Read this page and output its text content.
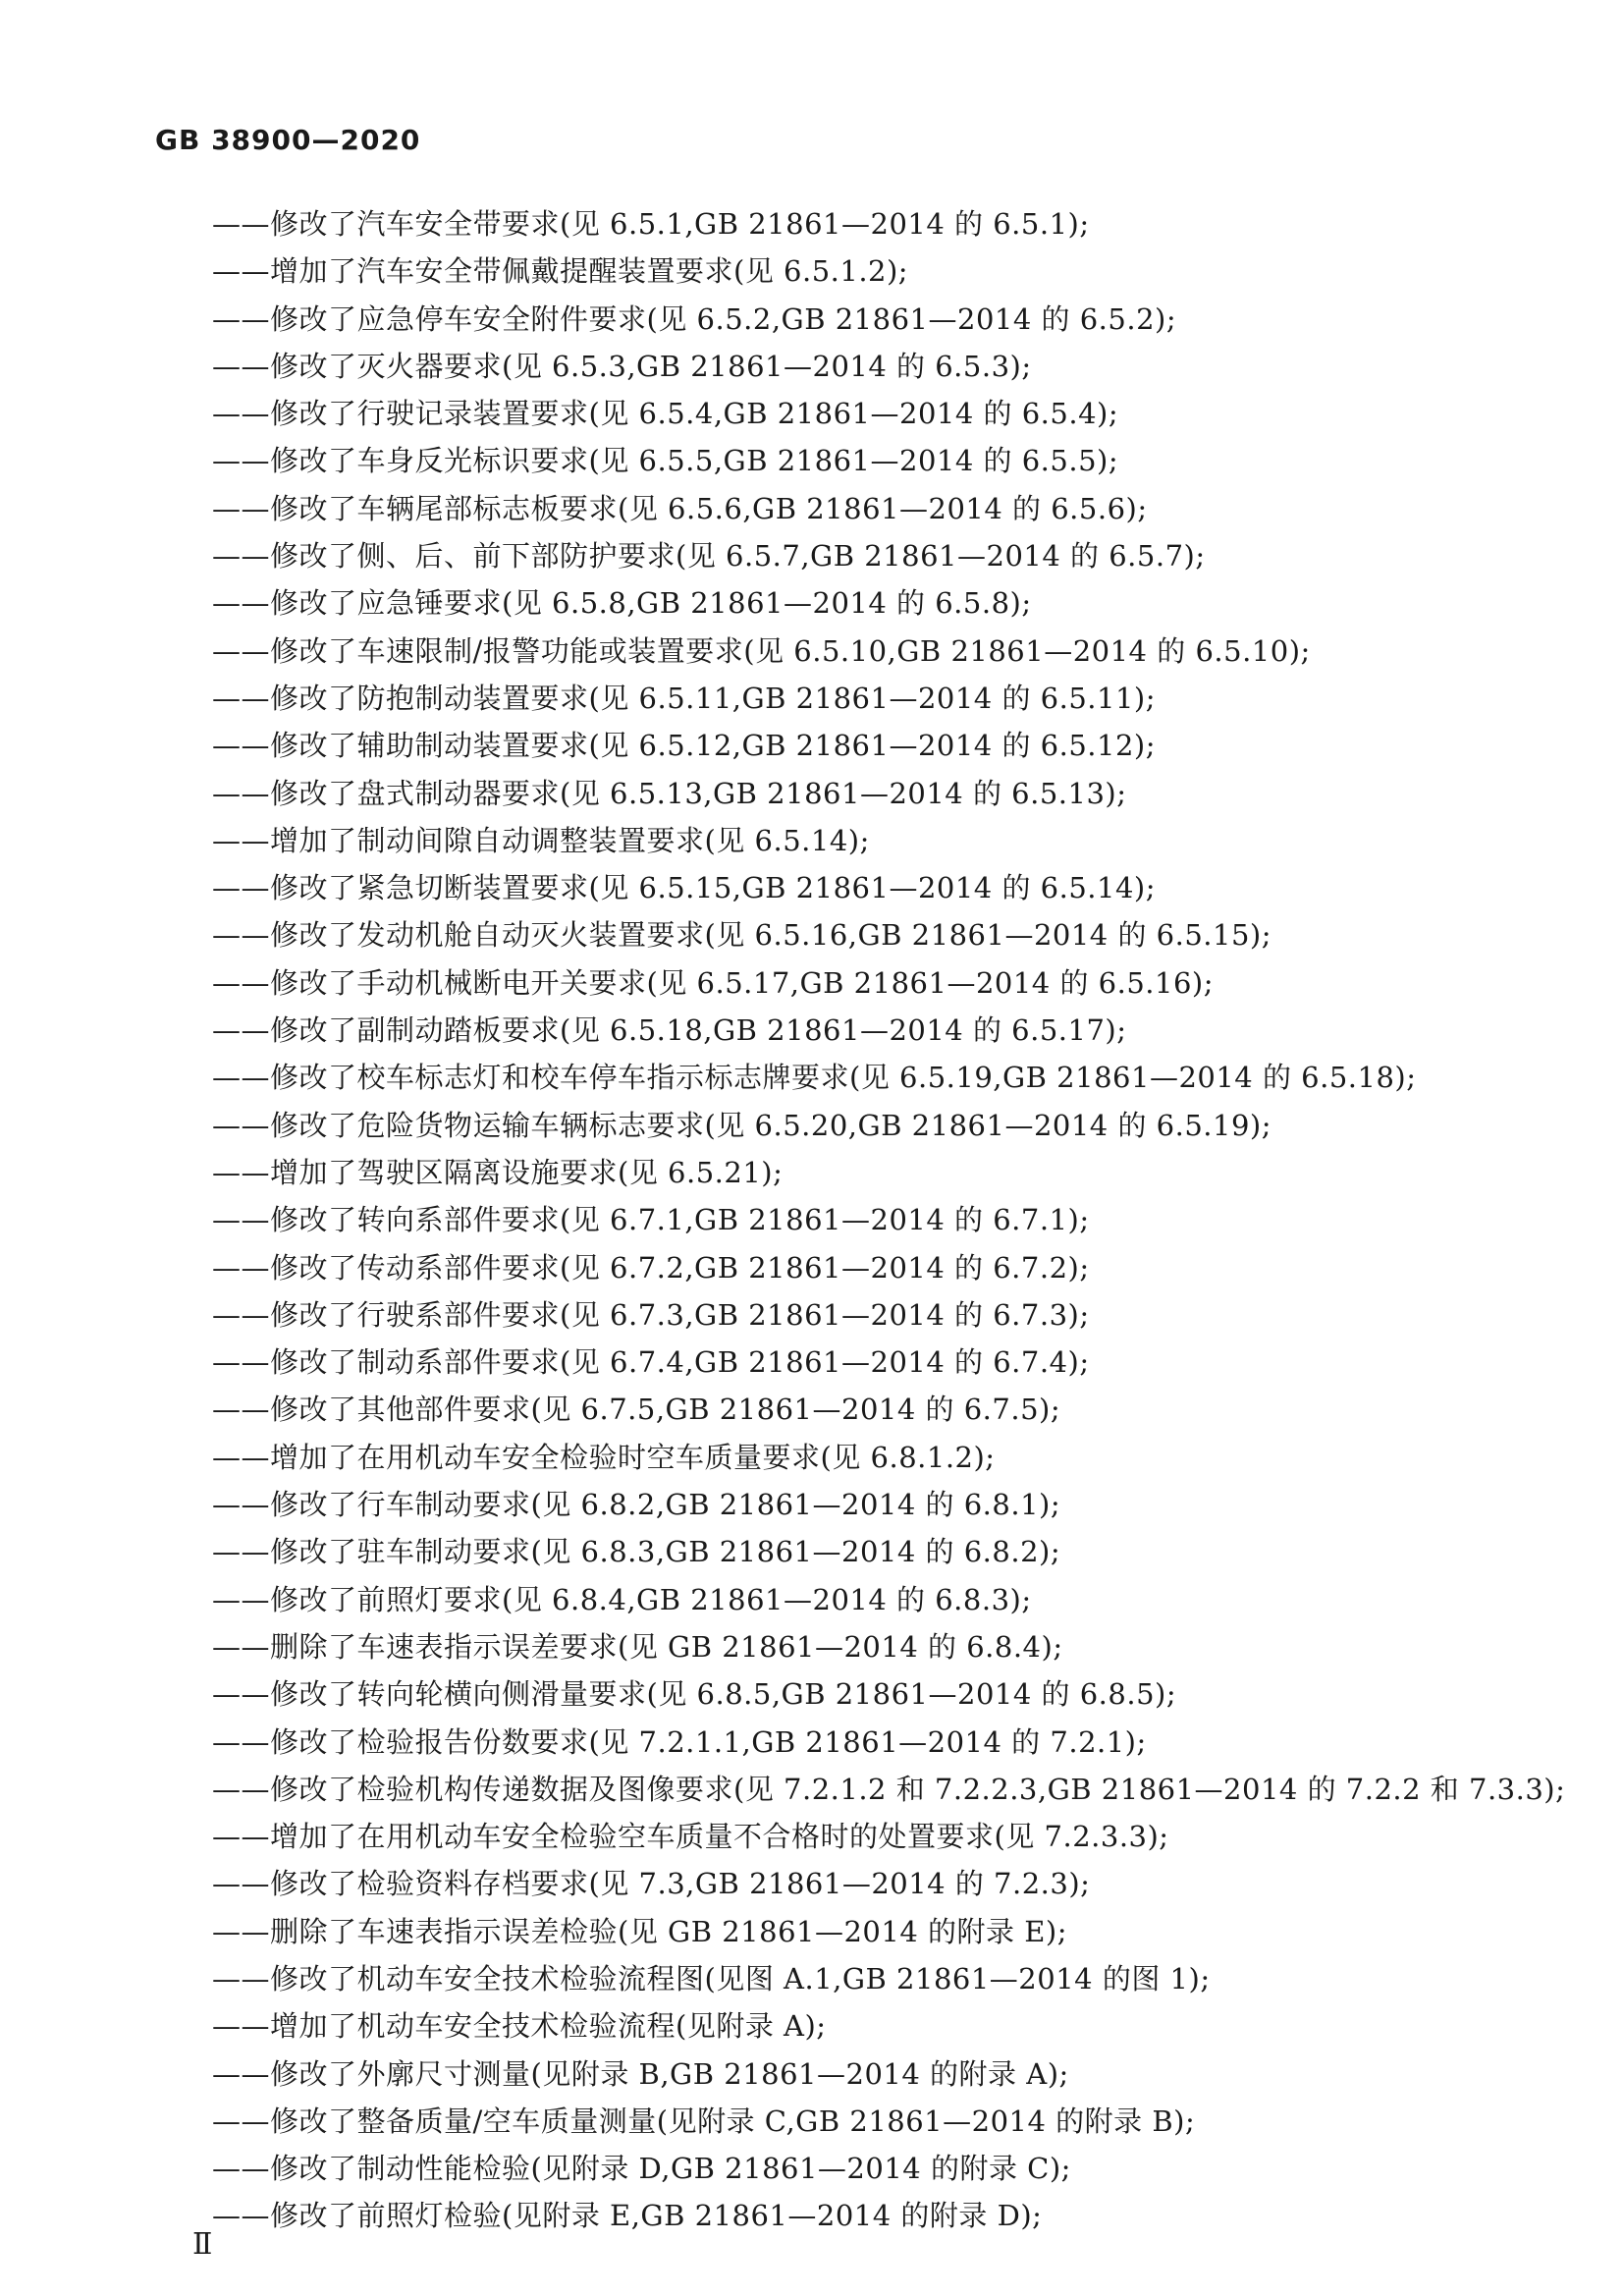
GB 38900—2020
——修改了汽车安全带要求(见 6.5.1,GB 21861—2014 的 6.5.1);
——增加了汽车安全带佩戴提醒装置要求(见 6.5.1.2);
——修改了应急停车安全附件要求(见 6.5.2,GB 21861—2014 的 6.5.2);
——修改了灭火器要求(见 6.5.3,GB 21861—2014 的 6.5.3);
——修改了行驶记录装置要求(见 6.5.4,GB 21861—2014 的 6.5.4);
——修改了车身反光标识要求(见 6.5.5,GB 21861—2014 的 6.5.5);
——修改了车辆尾部标志板要求(见 6.5.6,GB 21861—2014 的 6.5.6);
——修改了侧、后、前下部防护要求(见 6.5.7,GB 21861—2014 的 6.5.7);
——修改了应急锤要求(见 6.5.8,GB 21861—2014 的 6.5.8);
——修改了车速限制/报警功能或装置要求(见 6.5.10,GB 21861—2014 的 6.5.10);
——修改了防抱制动装置要求(见 6.5.11,GB 21861—2014 的 6.5.11);
——修改了辅助制动装置要求(见 6.5.12,GB 21861—2014 的 6.5.12);
——修改了盘式制动器要求(见 6.5.13,GB 21861—2014 的 6.5.13);
——增加了制动间隙自动调整装置要求(见 6.5.14);
——修改了紧急切断装置要求(见 6.5.15,GB 21861—2014 的 6.5.14);
——修改了发动机舱自动灭火装置要求(见 6.5.16,GB 21861—2014 的 6.5.15);
——修改了手动机械断电开关要求(见 6.5.17,GB 21861—2014 的 6.5.16);
——修改了副制动踏板要求(见 6.5.18,GB 21861—2014 的 6.5.17);
——修改了校车标志灯和校车停车指示标志牌要求(见 6.5.19,GB 21861—2014 的 6.5.18);
——修改了危险货物运输车辆标志要求(见 6.5.20,GB 21861—2014 的 6.5.19);
——增加了驾驶区隔离设施要求(见 6.5.21);
——修改了转向系部件要求(见 6.7.1,GB 21861—2014 的 6.7.1);
——修改了传动系部件要求(见 6.7.2,GB 21861—2014 的 6.7.2);
——修改了行驶系部件要求(见 6.7.3,GB 21861—2014 的 6.7.3);
——修改了制动系部件要求(见 6.7.4,GB 21861—2014 的 6.7.4);
——修改了其他部件要求(见 6.7.5,GB 21861—2014 的 6.7.5);
——增加了在用机动车安全检验时空车质量要求(见 6.8.1.2);
——修改了行车制动要求(见 6.8.2,GB 21861—2014 的 6.8.1);
——修改了驻车制动要求(见 6.8.3,GB 21861—2014 的 6.8.2);
——修改了前照灯要求(见 6.8.4,GB 21861—2014 的 6.8.3);
——删除了车速表指示误差要求(见 GB 21861—2014 的 6.8.4);
——修改了转向轮横向侧滑量要求(见 6.8.5,GB 21861—2014 的 6.8.5);
——修改了检验报告份数要求(见 7.2.1.1,GB 21861—2014 的 7.2.1);
——修改了检验机构传递数据及图像要求(见 7.2.1.2 和 7.2.2.3,GB 21861—2014 的 7.2.2 和 7.3.3);
——增加了在用机动车安全检验空车质量不合格时的处置要求(见 7.2.3.3);
——修改了检验资料存档要求(见 7.3,GB 21861—2014 的 7.2.3);
——删除了车速表指示误差检验(见 GB 21861—2014 的附录 E);
——修改了机动车安全技术检验流程图(见图 A.1,GB 21861—2014 的图 1);
——增加了机动车安全技术检验流程(见附录 A);
——修改了外廓尺寸测量(见附录 B,GB 21861—2014 的附录 A);
——修改了整备质量/空车质量测量(见附录 C,GB 21861—2014 的附录 B);
——修改了制动性能检验(见附录 D,GB 21861—2014 的附录 C);
——修改了前照灯检验(见附录 E,GB 21861—2014 的附录 D);
Ⅱ
